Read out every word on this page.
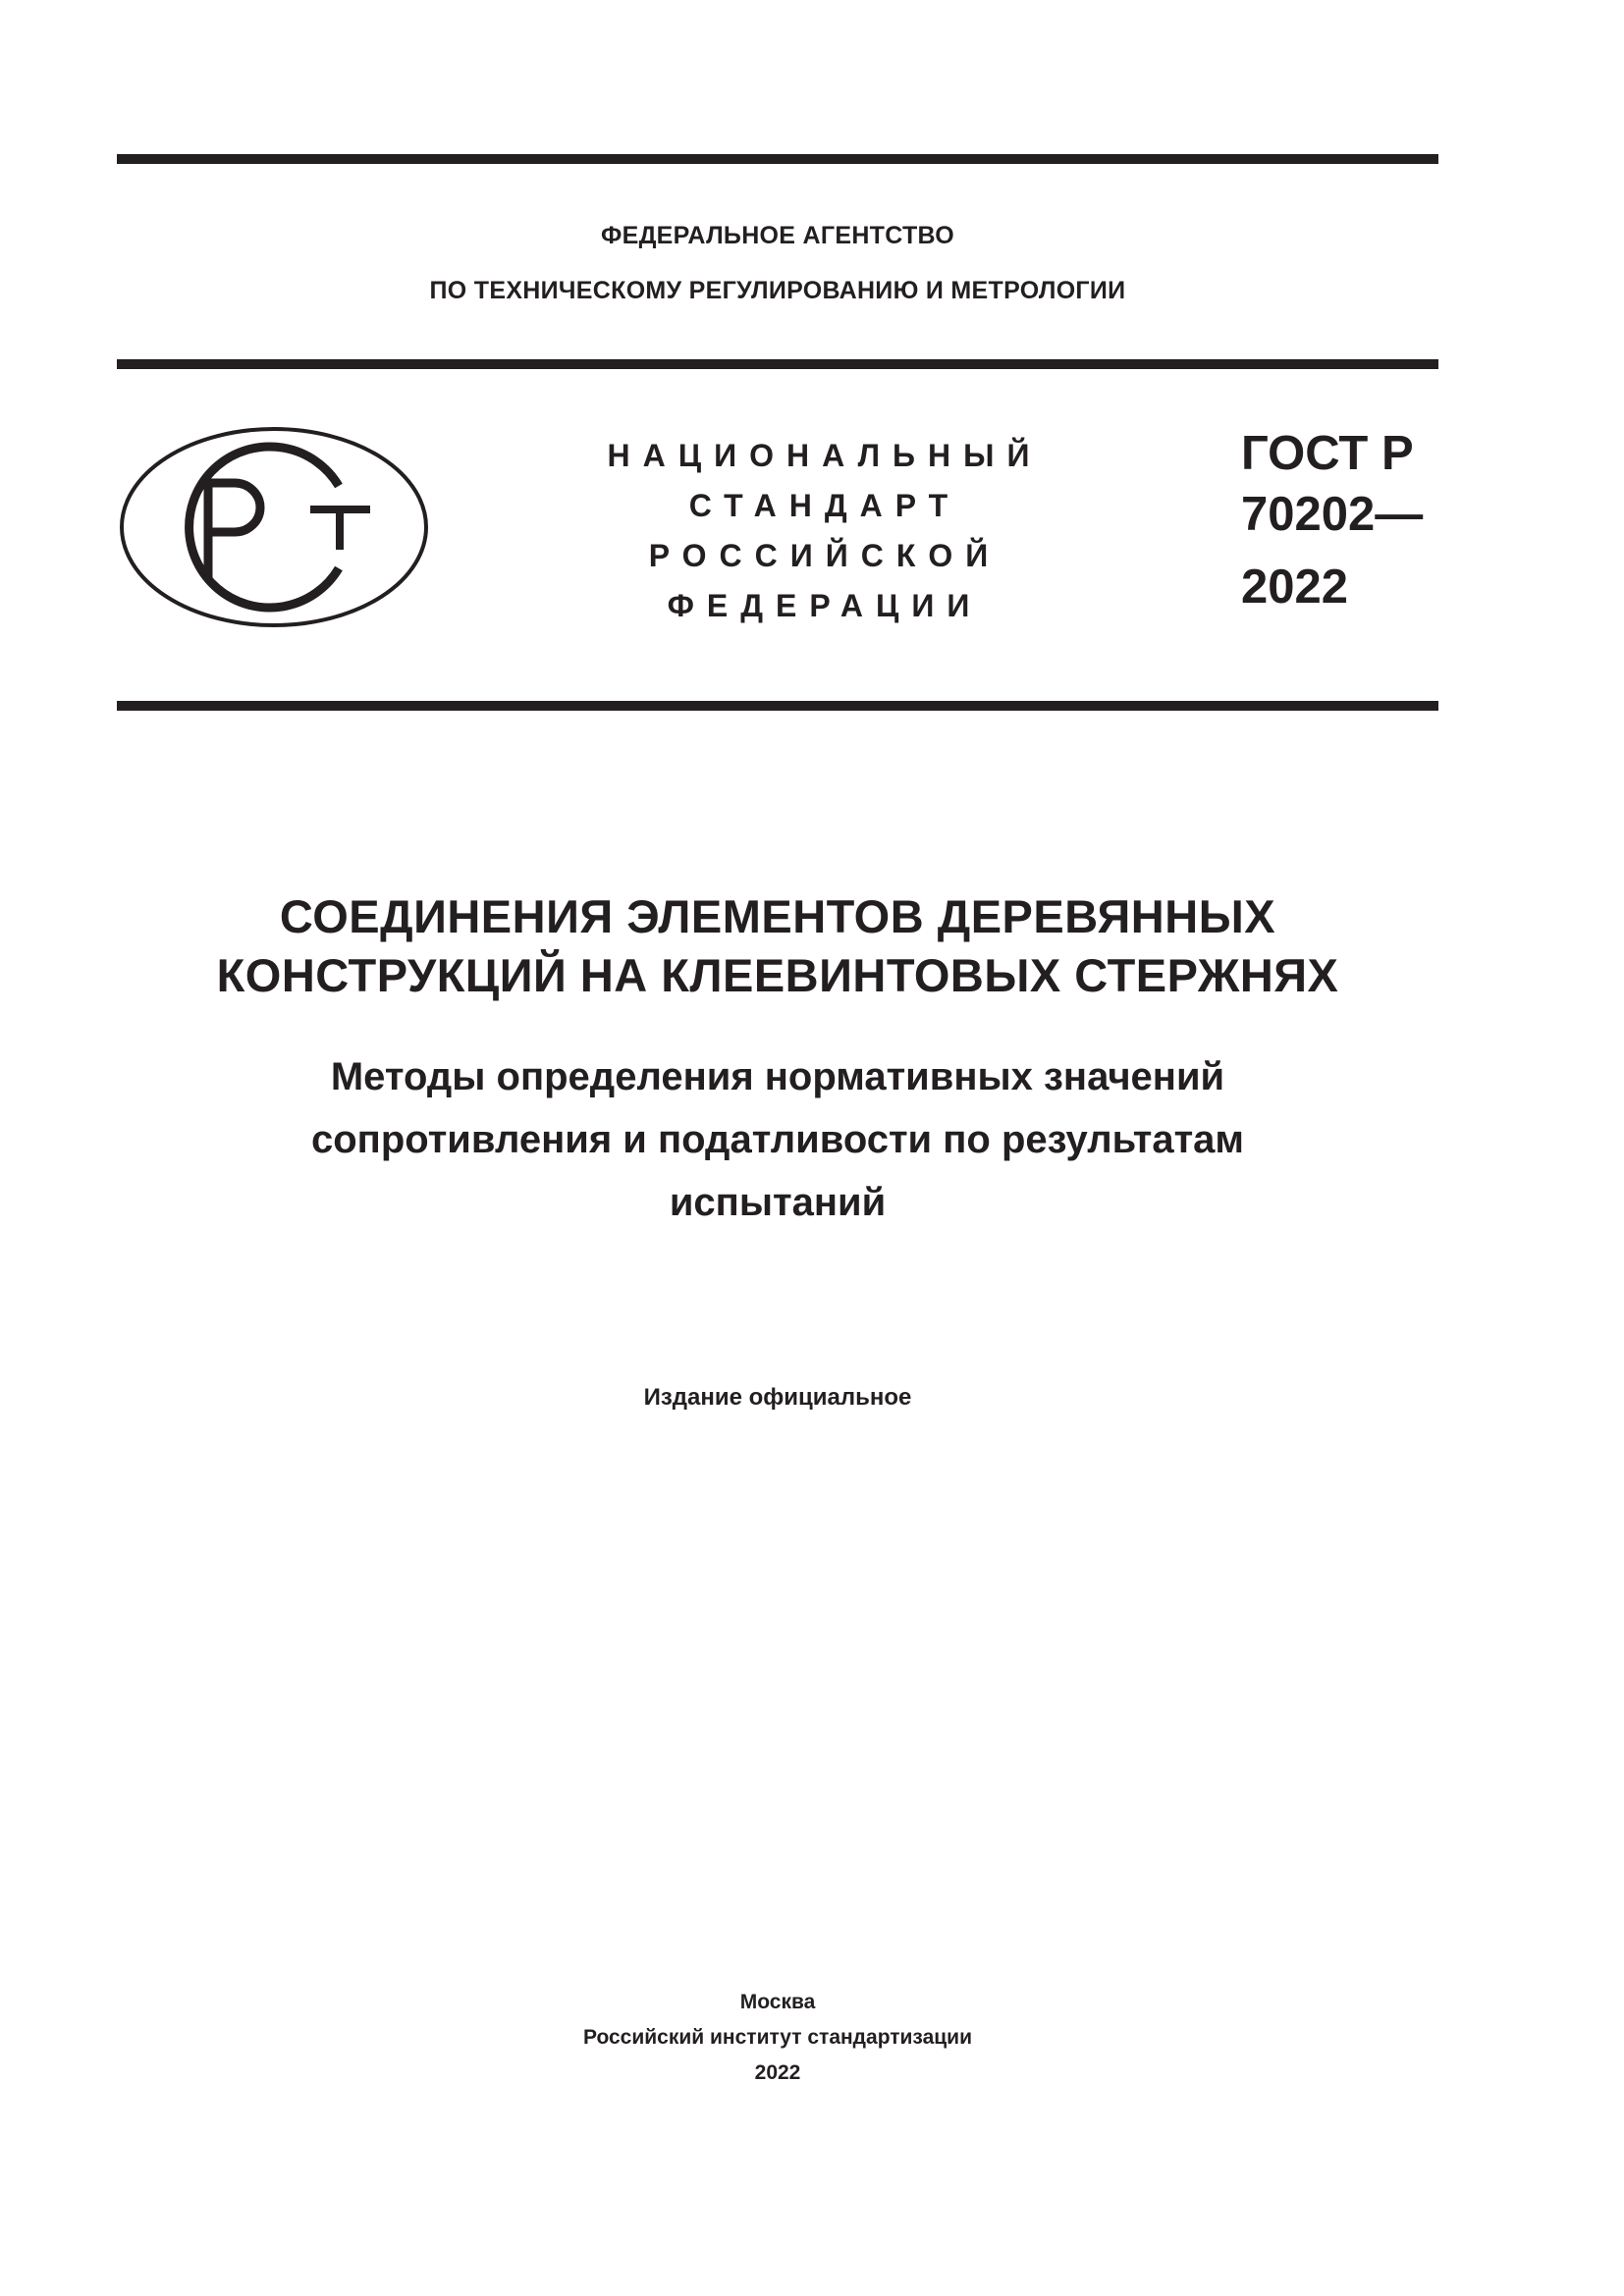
ФЕДЕРАЛЬНОЕ АГЕНТСТВО
ПО ТЕХНИЧЕСКОМУ РЕГУЛИРОВАНИЮ И МЕТРОЛОГИИ
НАЦИОНАЛЬНЫЙ
СТАНДАРТ
РОССИЙСКОЙ
ФЕДЕРАЦИИ
ГОСТ Р
70202—
2022
СОЕДИНЕНИЯ ЭЛЕМЕНТОВ ДЕРЕВЯННЫХ
КОНСТРУКЦИЙ НА КЛЕЕВИНТОВЫХ СТЕРЖНЯХ
Методы определения нормативных значений
сопротивления и податливости по результатам
испытаний
Издание официальное
Москва
Российский институт стандартизации
2022
